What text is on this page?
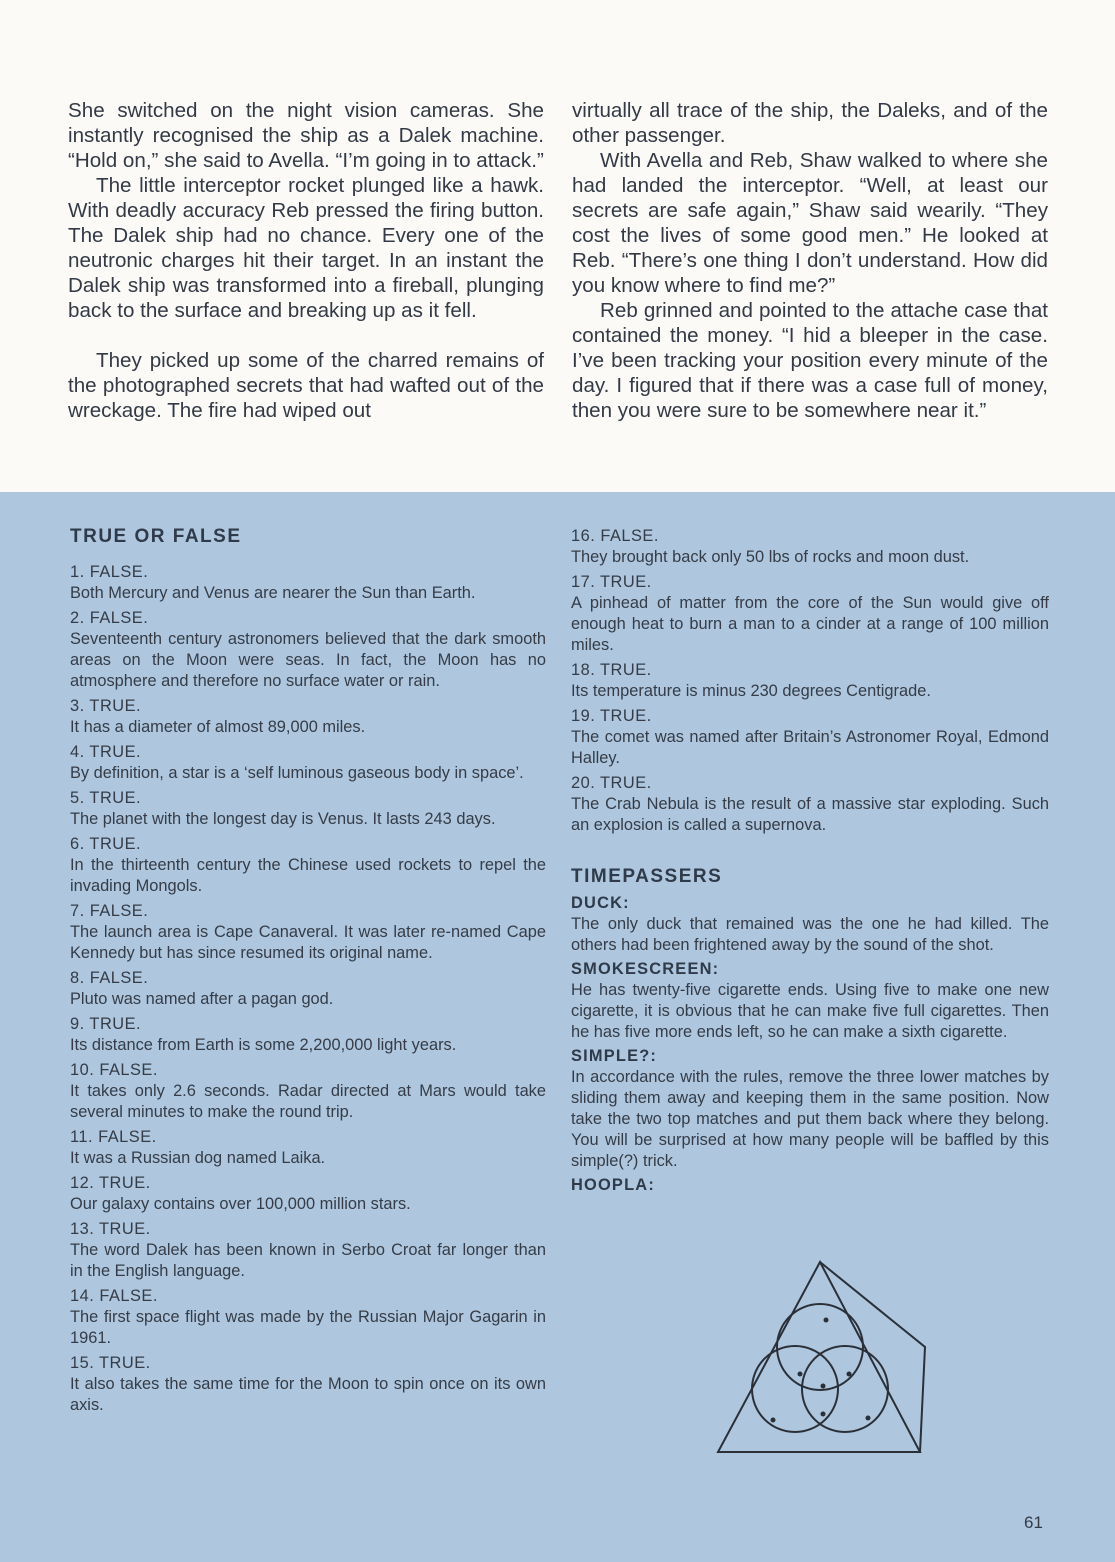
She switched on the night vision cameras. She instantly recognised the ship as a Dalek machine. “Hold on,” she said to Avella. “I’m going in to attack.”

The little interceptor rocket plunged like a hawk. With deadly accuracy Reb pressed the firing button. The Dalek ship had no chance. Every one of the neutronic charges hit their target. In an instant the Dalek ship was transformed into a fireball, plunging back to the surface and breaking up as it fell.

They picked up some of the charred remains of the photographed secrets that had wafted out of the wreckage. The fire had wiped out

virtually all trace of the ship, the Daleks, and of the other passenger.

With Avella and Reb, Shaw walked to where she had landed the interceptor. “Well, at least our secrets are safe again,” Shaw said wearily. “They cost the lives of some good men.” He looked at Reb. “There’s one thing I don’t understand. How did you know where to find me?”

Reb grinned and pointed to the attache case that contained the money. “I hid a bleeper in the case. I’ve been tracking your position every minute of the day. I figured that if there was a case full of money, then you were sure to be somewhere near it.”

TRUE OR FALSE
1. FALSE.
Both Mercury and Venus are nearer the Sun than Earth.
2. FALSE.
Seventeenth century astronomers believed that the dark smooth areas on the Moon were seas. In fact, the Moon has no atmosphere and therefore no surface water or rain.
3. TRUE.
It has a diameter of almost 89,000 miles.
4. TRUE.
By definition, a star is a ‘self luminous gaseous body in space’.
5. TRUE.
The planet with the longest day is Venus. It lasts 243 days.
6. TRUE.
In the thirteenth century the Chinese used rockets to repel the invading Mongols.
7. FALSE.
The launch area is Cape Canaveral. It was later re-named Cape Kennedy but has since resumed its original name.
8. FALSE.
Pluto was named after a pagan god.
9. TRUE.
Its distance from Earth is some 2,200,000 light years.
10. FALSE.
It takes only 2.6 seconds. Radar directed at Mars would take several minutes to make the round trip.
11. FALSE.
It was a Russian dog named Laika.
12. TRUE.
Our galaxy contains over 100,000 million stars.
13. TRUE.
The word Dalek has been known in Serbo Croat far longer than in the English language.
14. FALSE.
The first space flight was made by the Russian Major Gagarin in 1961.
15. TRUE.
It also takes the same time for the Moon to spin once on its own axis.
16. FALSE.
They brought back only 50 lbs of rocks and moon dust.
17. TRUE.
A pinhead of matter from the core of the Sun would give off enough heat to burn a man to a cinder at a range of 100 million miles.
18. TRUE.
Its temperature is minus 230 degrees Centigrade.
19. TRUE.
The comet was named after Britain’s Astronomer Royal, Edmond Halley.
20. TRUE.
The Crab Nebula is the result of a massive star exploding. Such an explosion is called a supernova.
TIMEPASSERS
DUCK:
The only duck that remained was the one he had killed. The others had been frightened away by the sound of the shot.
SMOKESCREEN:
He has twenty-five cigarette ends. Using five to make one new cigarette, it is obvious that he can make five full cigarettes. Then he has five more ends left, so he can make a sixth cigarette.
SIMPLE?:
In accordance with the rules, remove the three lower matches by sliding them away and keeping them in the same position. Now take the two top matches and put them back where they belong. You will be surprised at how many people will be baffled by this simple(?) trick.
HOOPLA:
61
